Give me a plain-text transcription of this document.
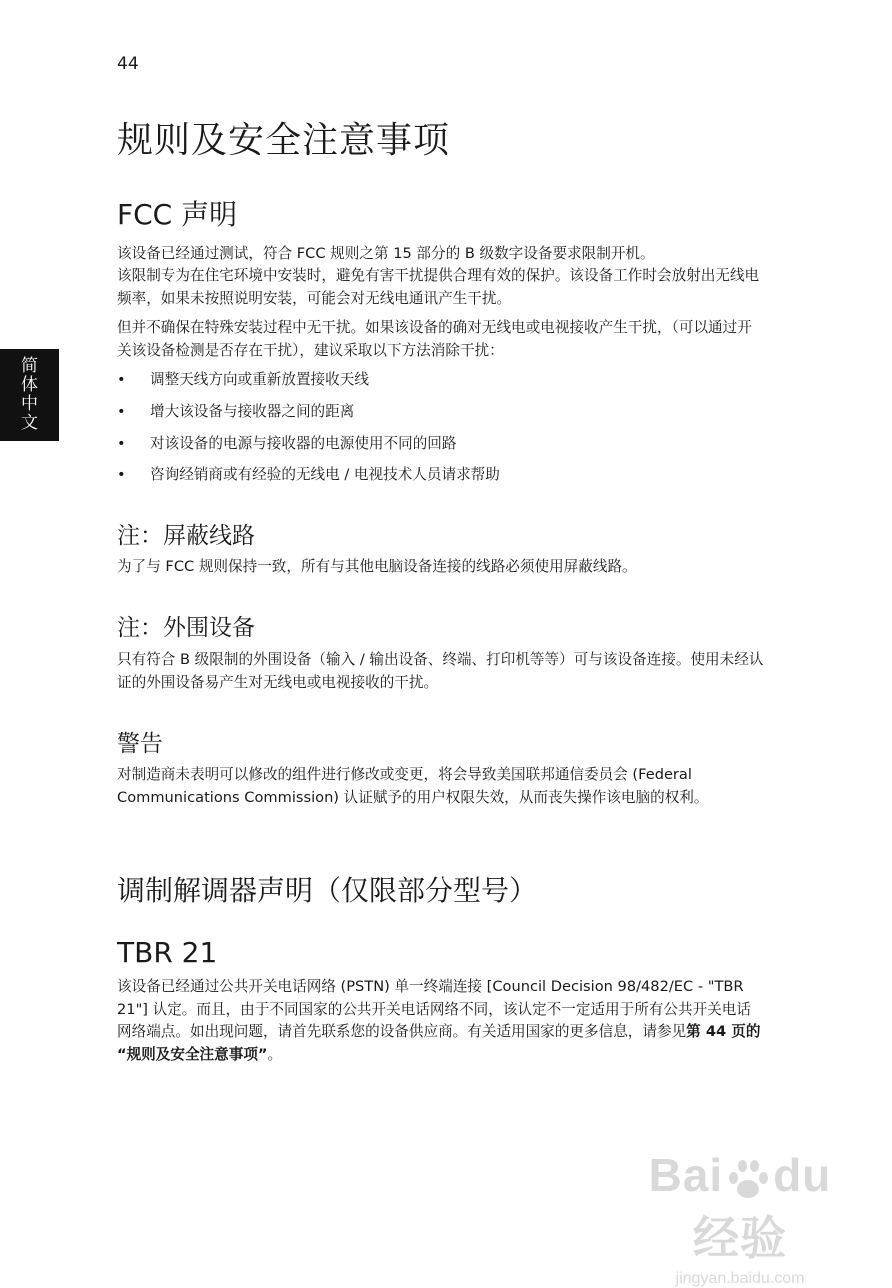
44
简
体
中
文
规则及安全注意事项
FCC 声明

该设备已经通过测试，符合 FCC 规则之第 15 部分的 B 级数字设备要求限制开机。

该限制专为在住宅环境中安装时，避免有害干扰提供合理有效的保护。该设备工作时会放射出无线电频率，如果未按照说明安装，可能会对无线电通讯产生干扰。

但并不确保在特殊安装过程中无干扰。如果该设备的确对无线电或电视接收产生干扰，（可以通过开关该设备检测是否存在干扰），建议采取以下方法消除干扰：

• 调整天线方向或重新放置接收天线
• 增大该设备与接收器之间的距离
• 对该设备的电源与接收器的电源使用不同的回路
• 咨询经销商或有经验的无线电 / 电视技术人员请求帮助
注：屏蔽线路

为了与 FCC 规则保持一致，所有与其他电脑设备连接的线路必须使用屏蔽线路。

注：外围设备

只有符合 B 级限制的外围设备（输入 / 输出设备、终端、打印机等等）可与该设备连接。使用未经认证的外围设备易产生对无线电或电视接收的干扰。

警告

对制造商未表明可以修改的组件进行修改或变更，将会导致美国联邦通信委员会 (Federal Communications Commission) 认证赋予的用户权限失效，从而丧失操作该电脑的权利。

调制解调器声明（仅限部分型号）
TBR 21

该设备已经通过公共开关电话网络 (PSTN) 单一终端连接 [Council Decision 98/482/EC - "TBR 21"] 认定。而且，由于不同国家的公共开关电话网络不同，该认定不一定适用于所有公共开关电话网络端点。如出现问题，请首先联系您的设备供应商。有关适用国家的更多信息，请参见第 44 页的 “规则及安全注意事项”。

Bai du经验
jingyan.baidu.com
